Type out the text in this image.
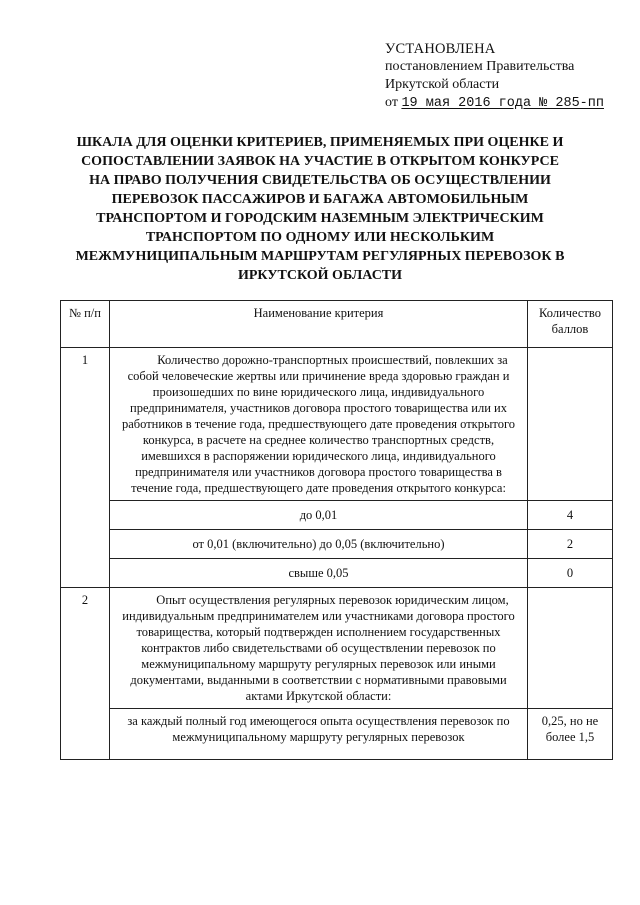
УСТАНОВЛЕНА
постановлением Правительства
Иркутской области
от 19 мая 2016 года № 285-пп
ШКАЛА ДЛЯ ОЦЕНКИ КРИТЕРИЕВ, ПРИМЕНЯЕМЫХ ПРИ ОЦЕНКЕ И СОПОСТАВЛЕНИИ ЗАЯВОК НА УЧАСТИЕ В ОТКРЫТОМ КОНКУРСЕ НА ПРАВО ПОЛУЧЕНИЯ СВИДЕТЕЛЬСТВА ОБ ОСУЩЕСТВЛЕНИИ ПЕРЕВОЗОК ПАССАЖИРОВ И БАГАЖА АВТОМОБИЛЬНЫМ ТРАНСПОРТОМ И ГОРОДСКИМ НАЗЕМНЫМ ЭЛЕКТРИЧЕСКИМ ТРАНСПОРТОМ ПО ОДНОМУ ИЛИ НЕСКОЛЬКИМ МЕЖМУНИЦИПАЛЬНЫМ МАРШРУТАМ РЕГУЛЯРНЫХ ПЕРЕВОЗОК В ИРКУТСКОЙ ОБЛАСТИ
№ п/п	Наименование критерия	Количество баллов
1	Количество дорожно-транспортных происшествий, повлекших за собой человеческие жертвы или причинение вреда здоровью граждан и произошедших по вине юридического лица, индивидуального предпринимателя, участников договора простого товарищества или их работников в течение года, предшествующего дате проведения открытого конкурса, в расчете на среднее количество транспортных средств, имевшихся в распоряжении юридического лица, индивидуального предпринимателя или участников договора простого товарищества в течение года, предшествующего дате проведения открытого конкурса:	
	до 0,01	4
	от 0,01 (включительно) до 0,05 (включительно)	2
	свыше 0,05	0
2	Опыт осуществления регулярных перевозок юридическим лицом, индивидуальным предпринимателем или участниками договора простого товарищества, который подтвержден исполнением государственных контрактов либо свидетельствами об осуществлении перевозок по межмуниципальному маршруту регулярных перевозок или иными документами, выданными в соответствии с нормативными правовыми актами Иркутской области:	
	за каждый полный год имеющегося опыта осуществления перевозок по межмуниципальному маршруту регулярных перевозок	0,25, но не более 1,5
